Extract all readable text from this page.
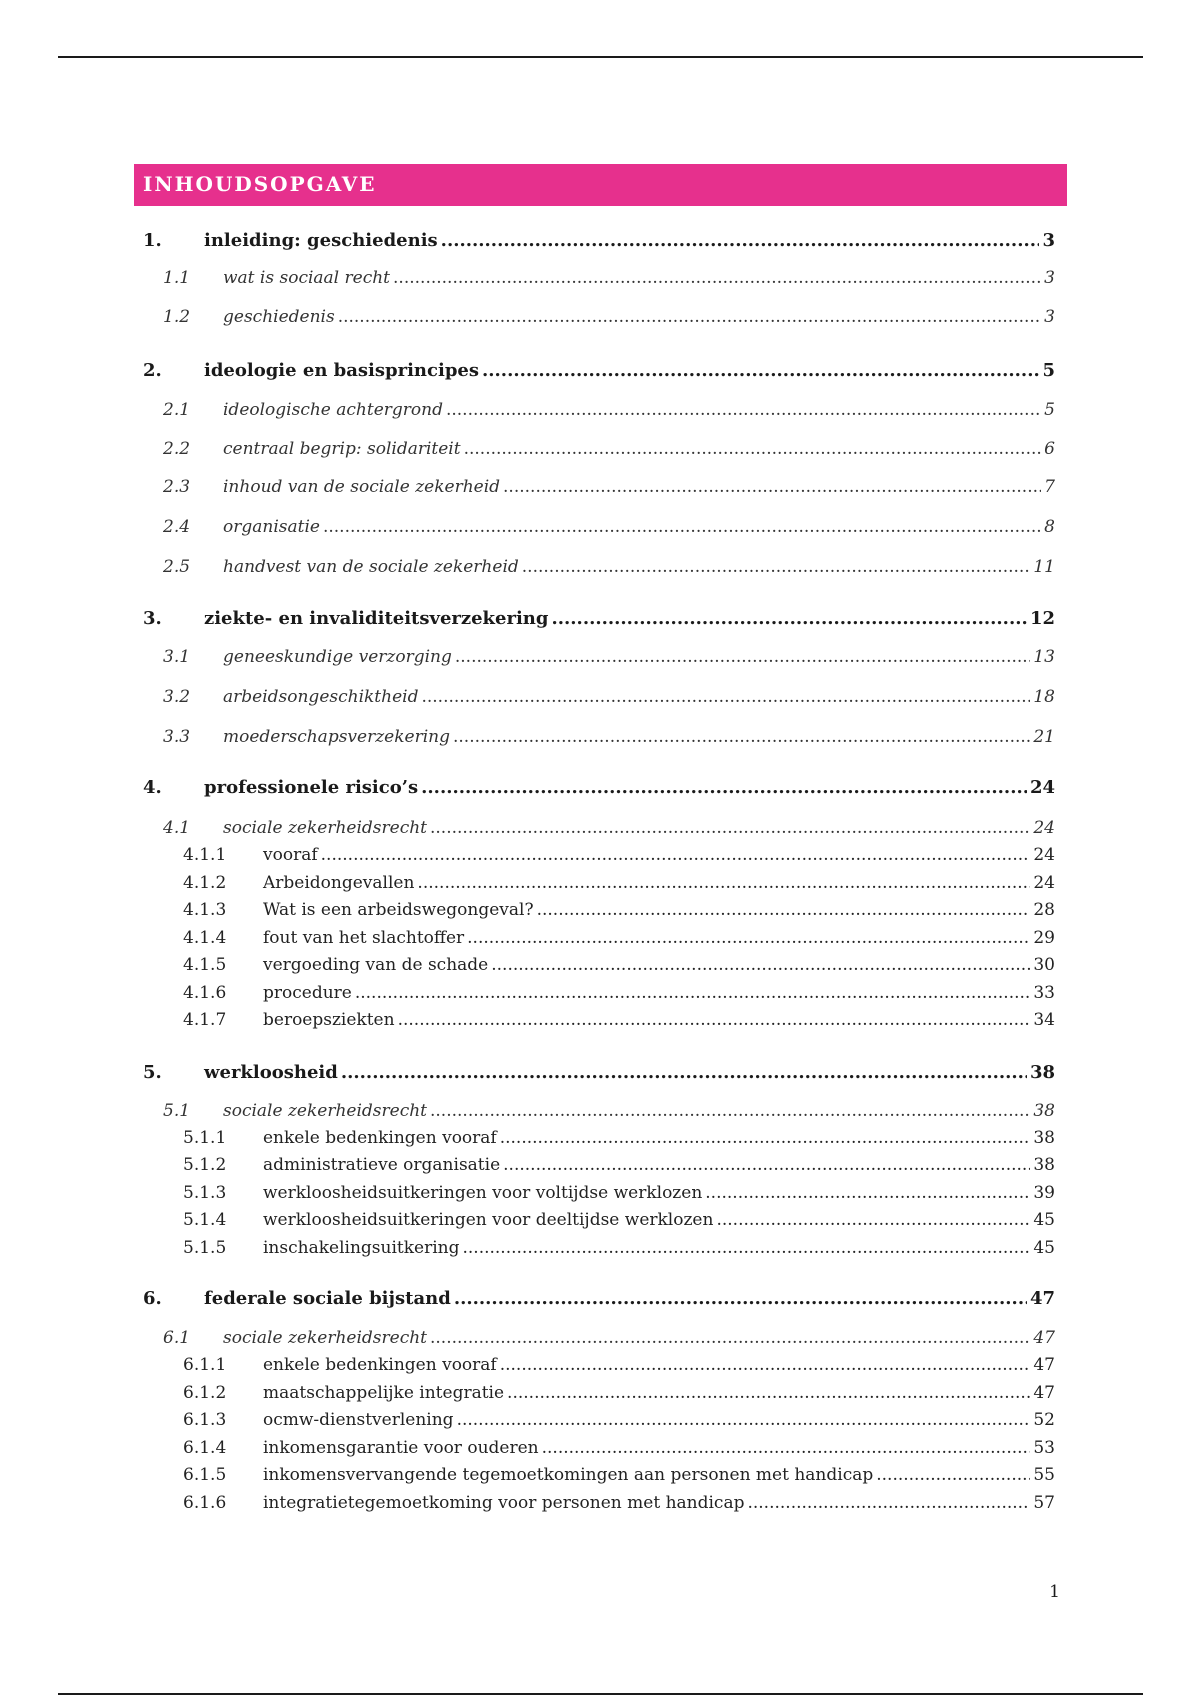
INHOUDSOPGAVE
1.	inleiding: geschiedenis .....	3
1.1	wat is sociaal recht .....	3
1.2	geschiedenis .....	3
2.	ideologie en basisprincipes .....	5
2.1	ideologische achtergrond .....	5
2.2	centraal begrip: solidariteit .....	6
2.3	inhoud van de sociale zekerheid .....	7
2.4	organisatie .....	8
2.5	handvest van de sociale zekerheid .....	11
3.	ziekte- en invaliditeitsverzekering .....	12
3.1	geneeskundige verzorging .....	13
3.2	arbeidsongeschiktheid .....	18
3.3	moederschapsverzekering .....	21
4.	professionele risico’s .....	24
4.1	sociale zekerheidsrecht .....	24
4.1.1	vooraf .....	24
4.1.2	Arbeidongevallen .....	24
4.1.3	Wat is een arbeidswegongeval? .....	28
4.1.4	fout van het slachtoffer .....	29
4.1.5	vergoeding van de schade .....	30
4.1.6	procedure .....	33
4.1.7	beroepsziekten .....	34
5.	werkloosheid .....	38
5.1	sociale zekerheidsrecht .....	38
5.1.1	enkele bedenkingen vooraf .....	38
5.1.2	administratieve organisatie .....	38
5.1.3	werkloosheidsuitkeringen voor voltijdse werklozen .....	39
5.1.4	werkloosheidsuitkeringen voor deeltijdse werklozen .....	45
5.1.5	inschakelingsuitkering .....	45
6.	federale sociale bijstand .....	47
6.1	sociale zekerheidsrecht .....	47
6.1.1	enkele bedenkingen vooraf .....	47
6.1.2	maatschappelijke integratie .....	47
6.1.3	ocmw-dienstverlening .....	52
6.1.4	inkomensgarantie voor ouderen .....	53
6.1.5	inkomensvervangende tegemoetkomingen aan personen met handicap .....	55
6.1.6	integratietegemoetkoming voor personen met handicap .....	57
1
